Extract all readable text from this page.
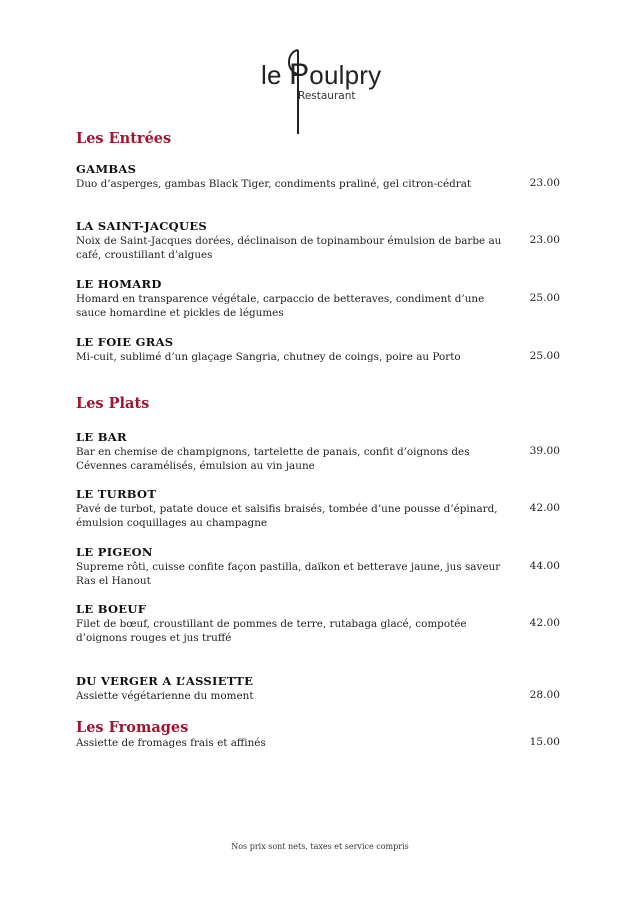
le Poulpry
Restaurant
Les Entrées
GAMBAS
Duo d’asperges, gambas Black Tiger, condiments praliné, gel citron-cédrat	23.00
LA SAINT-JACQUES
Noix de Saint-Jacques dorées, déclinaison de topinambour émulsion de barbe au café, croustillant d’algues
23.00
LE HOMARD
Homard en transparence végétale, carpaccio de betteraves, condiment d’une sauce homardine et pickles de légumes
25.00
LE FOIE GRAS
Mi-cuit, sublimé d’un glaçage Sangria, chutney de coings, poire au Porto	25.00
Les Plats
LE BAR
Bar en chemise de champignons, tartelette de panais, confit d’oignons des Cévennes caramélisés, émulsion au vin jaune
39.00
LE TURBOT
Pavé de turbot, patate douce et salsifis braisés, tombée d’une pousse d’épinard, émulsion coquillages au champagne
42.00
LE PIGEON
Supreme rôti, cuisse confite façon pastilla, daïkon et betterave jaune, jus saveur Ras el Hanout
44.00
LE BOEUF
Filet de bœuf, croustillant de pommes de terre, rutabaga glacé, compotée d’oignons rouges et jus truffé
42.00
DU VERGER A L’ASSIETTE
Assiette végétarienne du moment	28.00
Les Fromages
Assiette de fromages frais et affinés	15.00
Nos prix sont nets, taxes et service compris
